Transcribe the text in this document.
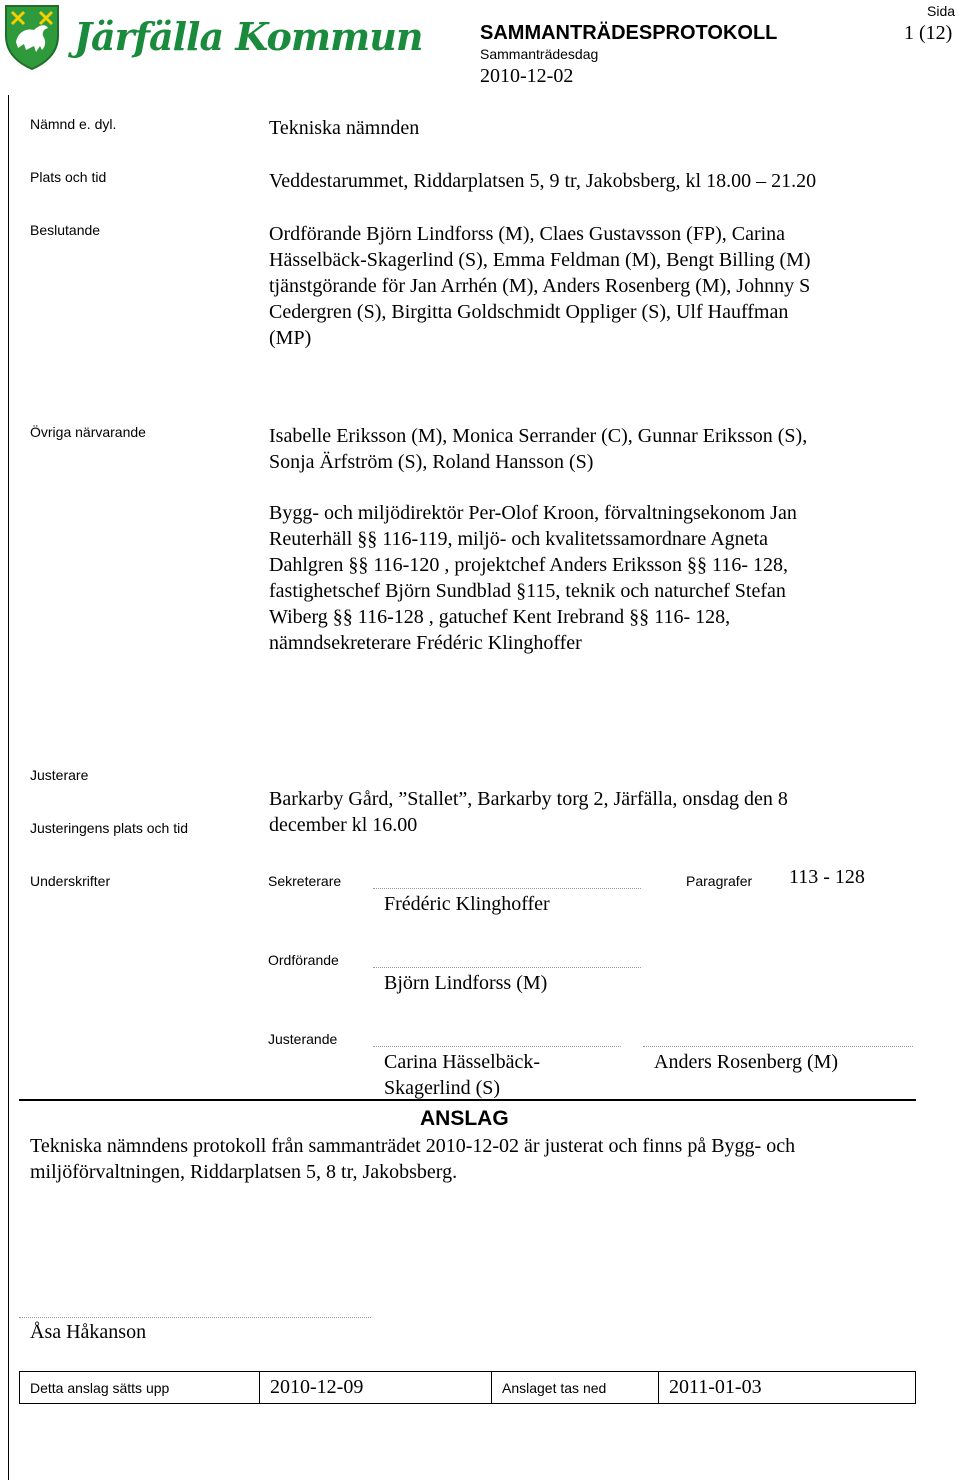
Järfälla Kommun	SAMMANTRÄDESPROTOKOLL
Sammanträdesdag
2010-12-02
Sida
1 (12)
Nämnd e. dyl.	Tekniska nämnden
Plats och tid	Veddestarummet, Riddarplatsen 5, 9 tr, Jakobsberg, kl 18.00 – 21.20
Beslutande	Ordförande Björn Lindforss (M), Claes Gustavsson (FP), Carina
Hässelbäck-Skagerlind (S), Emma Feldman (M), Bengt Billing (M)
tjänstgörande för Jan Arrhén (M), Anders Rosenberg (M), Johnny S
Cedergren (S), Birgitta Goldschmidt Oppliger (S), Ulf Hauffman
(MP)
Övriga närvarande	Isabelle Eriksson (M), Monica Serrander (C), Gunnar Eriksson (S),
Sonja Ärfström (S), Roland Hansson (S)
Bygg- och miljödirektör Per-Olof Kroon, förvaltningsekonom Jan
Reuterhäll §§ 116-119, miljö- och kvalitetssamordnare Agneta
Dahlgren §§ 116-120 , projektchef Anders Eriksson §§ 116- 128,
fastighetschef Björn Sundblad §115, teknik och naturchef Stefan
Wiberg §§ 116-128 , gatuchef Kent Irebrand §§ 116- 128,
nämndsekreterare Frédéric Klinghoffer
Justerare
Justeringens plats och tid
Barkarby Gård, ”Stallet”, Barkarby torg 2, Järfälla, onsdag den 8
december kl 16.00
Underskrifter	Sekreterare
Frédéric Klinghoffer
Paragrafer 113 - 128
Ordförande
Björn Lindforss (M)
Justerande
Carina Hässelbäck-
Skagerlind (S)
Anders Rosenberg (M)
ANSLAG
Tekniska nämndens protokoll från sammanträdet 2010-12-02 är justerat och finns på Bygg- och
miljöförvaltningen, Riddarplatsen 5, 8 tr, Jakobsberg.
Åsa Håkanson
Detta anslag sätts upp	2010-12-09	Anslaget tas ned	2011-01-03
